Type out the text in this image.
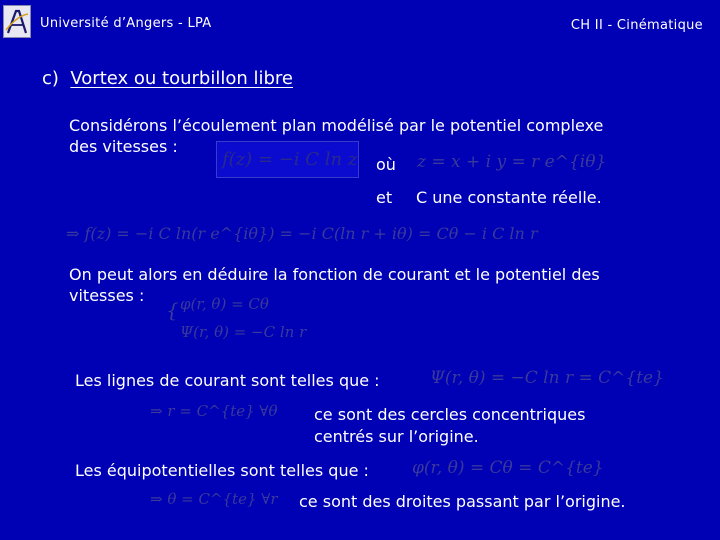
Université d’Angers - LPA	CH II - Cinématique
c) Vortex ou tourbillon libre
Considérons l’écoulement plan modélisé par le potentiel complexe
des vitesses :
f(z) = −i C ln z où z = x + i y = r e^{iθ}
et C une constante réelle.
⇒ f(z) = −i C ln(r e^{iθ}) = −i C(ln r + iθ) = Cθ − i C ln r
On peut alors en déduire la fonction de courant et le potentiel des
vitesses :
{ φ(r, θ) = Cθ
Ψ(r, θ) = −C ln r
Les lignes de courant sont telles que :	Ψ(r, θ) = −C ln r = C^{te}
⇒ r = C^{te} ∀θ ce sont des cercles concentriques
centrés sur l’origine.
Les équipotentielles sont telles que :	φ(r, θ) = Cθ = C^{te}
⇒ θ = C^{te} ∀r ce sont des droites passant par l’origine.
